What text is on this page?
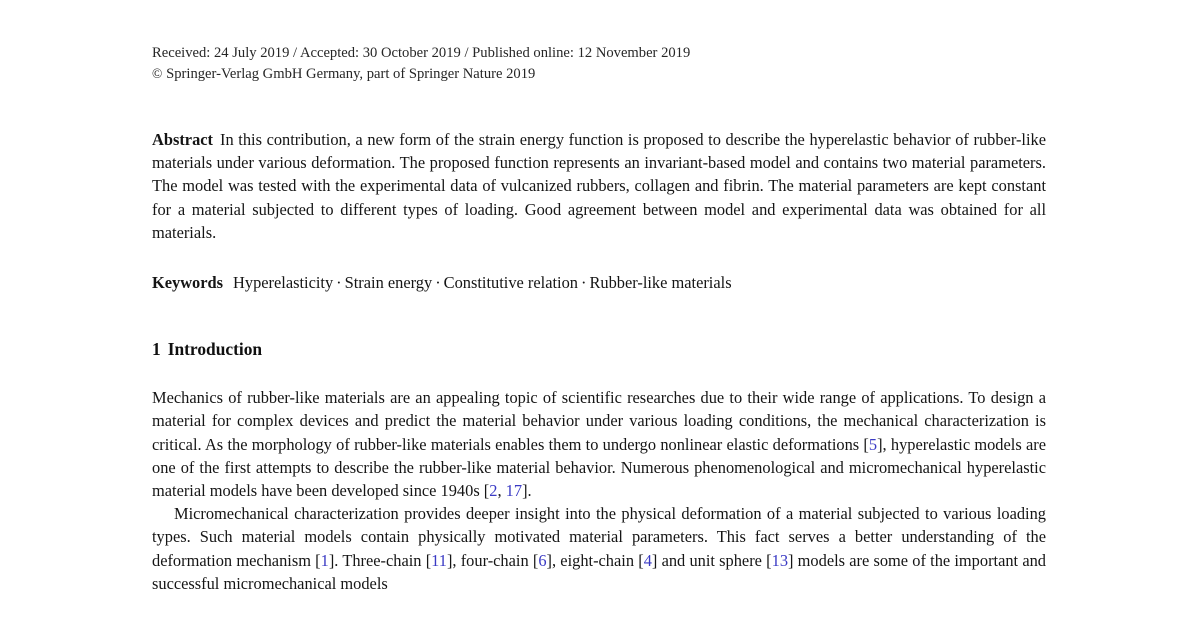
Received: 24 July 2019 / Accepted: 30 October 2019 / Published online: 12 November 2019
© Springer-Verlag GmbH Germany, part of Springer Nature 2019
Abstract In this contribution, a new form of the strain energy function is proposed to describe the hyperelastic behavior of rubber-like materials under various deformation. The proposed function represents an invariant-based model and contains two material parameters. The model was tested with the experimental data of vulcanized rubbers, collagen and fibrin. The material parameters are kept constant for a material subjected to different types of loading. Good agreement between model and experimental data was obtained for all materials.
Keywords Hyperelasticity · Strain energy · Constitutive relation · Rubber-like materials
1 Introduction
Mechanics of rubber-like materials are an appealing topic of scientific researches due to their wide range of applications. To design a material for complex devices and predict the material behavior under various loading conditions, the mechanical characterization is critical. As the morphology of rubber-like materials enables them to undergo nonlinear elastic deformations [5], hyperelastic models are one of the first attempts to describe the rubber-like material behavior. Numerous phenomenological and micromechanical hyperelastic material models have been developed since 1940s [2, 17].
Micromechanical characterization provides deeper insight into the physical deformation of a material subjected to various loading types. Such material models contain physically motivated material parameters. This fact serves a better understanding of the deformation mechanism [1]. Three-chain [11], four-chain [6], eight-chain [4] and unit sphere [13] models are some of the important and successful micromechanical models
